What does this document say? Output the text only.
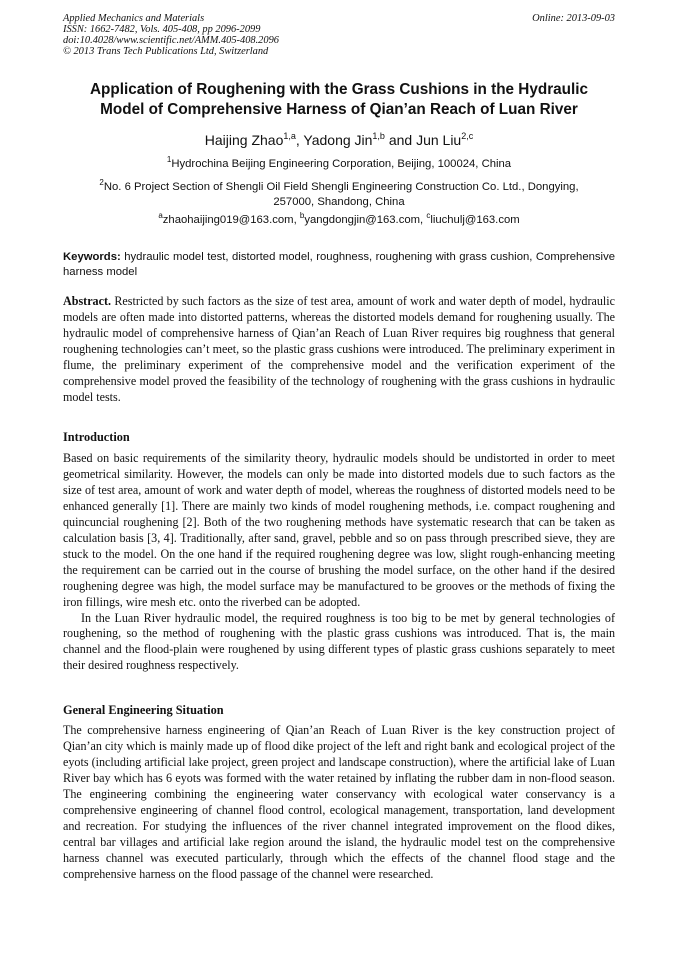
Applied Mechanics and Materials
ISSN: 1662-7482, Vols. 405-408, pp 2096-2099
doi:10.4028/www.scientific.net/AMM.405-408.2096
© 2013 Trans Tech Publications Ltd, Switzerland
Online: 2013-09-03
Application of Roughening with the Grass Cushions in the Hydraulic
Model of Comprehensive Harness of Qian’an Reach of Luan River
Haijing Zhao$^{1,a}$, Yadong Jin$^{1,b}$ and Jun Liu$^{2,c}$
$^1$Hydrochina Beijing Engineering Corporation, Beijing, 100024, China
$^2$No. 6 Project Section of Shengli Oil Field Shengli Engineering Construction Co. Ltd., Dongying,
257000, Shandong, China
$^a$zhaohaijing019@163.com, $^b$yangdongjin@163.com, $^c$liuchulj@163.com
Keywords: hydraulic model test, distorted model, roughness, roughening with grass cushion, Comprehensive harness model
Abstract. Restricted by such factors as the size of test area, amount of work and water depth of model, hydraulic models are often made into distorted patterns, whereas the distorted models demand for roughening usually. The hydraulic model of comprehensive harness of Qian’an Reach of Luan River requires big roughness that general roughening technologies can’t meet, so the plastic grass cushions were introduced. The preliminary experiment in flume, the preliminary experiment of the comprehensive model and the verification experiment of the comprehensive model proved the feasibility of the technology of roughening with the grass cushions in hydraulic model tests.
Introduction

Based on basic requirements of the similarity theory, hydraulic models should be undistorted in order to meet geometrical similarity. However, the models can only be made into distorted models due to such factors as the size of test area, amount of work and water depth of model, whereas the roughness of distorted models need to be enhanced generally [1]. There are mainly two kinds of model roughening methods, i.e. compact roughening and quincuncial roughening [2]. Both of the two roughening methods have systematic research that can be taken as calculation basis [3, 4]. Traditionally, after sand, gravel, pebble and so on pass through prescribed sieve, they are stuck to the model. On the one hand if the required roughening degree was low, slight rough-enhancing meeting the requirement can be carried out in the course of brushing the model surface, on the other hand if the desired roughening degree was high, the model surface may be manufactured to be grooves or the methods of fixing the iron fillings, wire mesh etc. onto the riverbed can be adopted.

In the Luan River hydraulic model, the required roughness is too big to be met by general technologies of roughening, so the method of roughening with the plastic grass cushions was introduced. That is, the main channel and the flood-plain were roughened by using different types of plastic grass cushions separately to meet their desired roughness respectively.

General Engineering Situation
The comprehensive harness engineering of Qian’an Reach of Luan River is the key construction project of Qian’an city which is mainly made up of flood dike project of the left and right bank and ecological project of the eyots (including artificial lake project, green project and landscape construction), where the artificial lake of Luan River bay which has 6 eyots was formed with the water retained by inflating the rubber dam in non-flood season. The engineering combining the engineering water conservancy with ecological water conservancy is a comprehensive engineering of channel flood control, ecological management, transportation, land development and recreation. For studying the influences of the river channel integrated improvement on the flood dikes, central bar villages and artificial lake region around the island, the hydraulic model test on the comprehensive harness channel was executed particularly, through which the effects of the channel flood stage and the comprehensive harness on the flood passage of the channel were researched.
